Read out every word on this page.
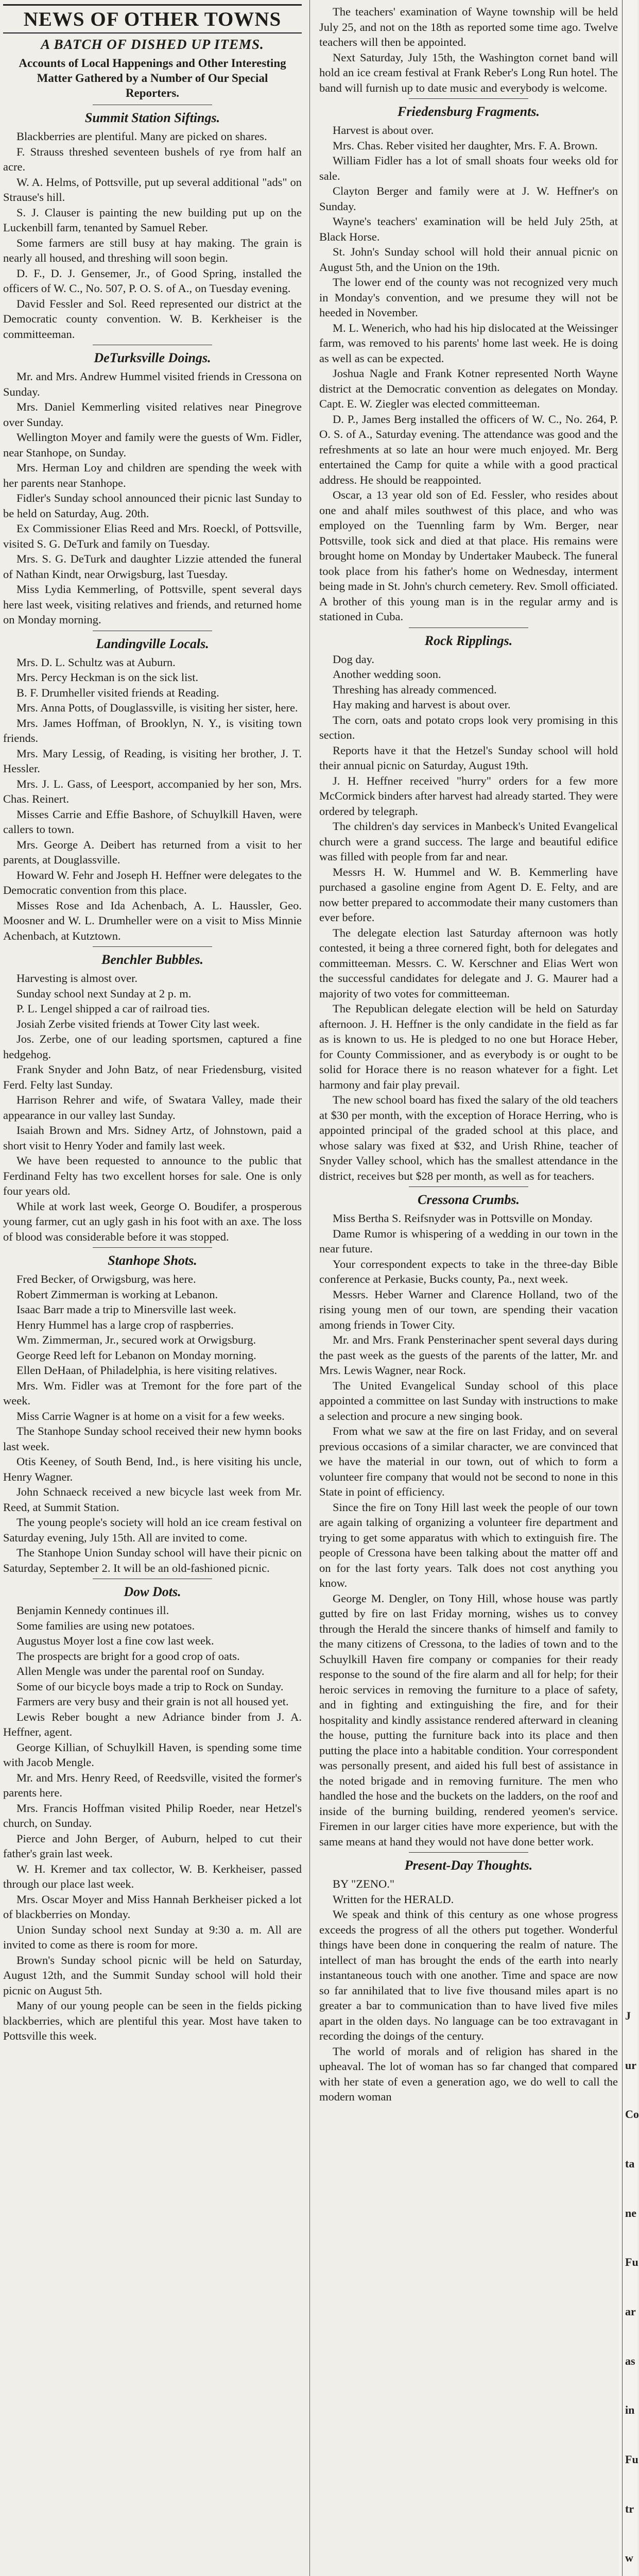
NEWS OF OTHER TOWNS
A BATCH OF DISHED UP ITEMS.
Accounts of Local Happenings and Other Interesting Matter Gathered by a Number of Our Special Reporters.
Summit Station Siftings.

Blackberries are plentiful. Many are picked on shares.

F. Strauss threshed seventeen bushels of rye from half an acre.

W. A. Helms, of Pottsville, put up several additional "ads" on Strause's hill.

S. J. Clauser is painting the new building put up on the Luckenbill farm, tenanted by Samuel Reber.

Some farmers are still busy at hay making. The grain is nearly all housed, and threshing will soon begin.

D. F., D. J. Gensemer, Jr., of Good Spring, installed the officers of W. C., No. 507, P. O. S. of A., on Tuesday evening.

David Fessler and Sol. Reed represented our district at the Democratic county convention. W. B. Kerkheiser is the committeeman.

DeTurksville Doings.

Mr. and Mrs. Andrew Hummel visited friends in Cressona on Sunday.

Mrs. Daniel Kemmerling visited relatives near Pinegrove over Sunday.

Wellington Moyer and family were the guests of Wm. Fidler, near Stanhope, on Sunday.

Mrs. Herman Loy and children are spending the week with her parents near Stanhope.

Fidler's Sunday school announced their picnic last Sunday to be held on Saturday, Aug. 20th.

Ex Commissioner Elias Reed and Mrs. Roeckl, of Pottsville, visited S. G. DeTurk and family on Tuesday.

Mrs. S. G. DeTurk and daughter Lizzie attended the funeral of Nathan Kindt, near Orwigsburg, last Tuesday.

Miss Lydia Kemmerling, of Pottsville, spent several days here last week, visiting relatives and friends, and returned home on Monday morning.

Landingville Locals.

Mrs. D. L. Schultz was at Auburn.

Mrs. Percy Heckman is on the sick list.

B. F. Drumheller visited friends at Reading.

Mrs. Anna Potts, of Douglassville, is visiting her sister, here.

Mrs. James Hoffman, of Brooklyn, N. Y., is visiting town friends.

Mrs. Mary Lessig, of Reading, is visiting her brother, J. T. Hessler.

Mrs. J. L. Gass, of Leesport, accompanied by her son, Mrs. Chas. Reinert.

Misses Carrie and Effie Bashore, of Schuylkill Haven, were callers to town.

Mrs. George A. Deibert has returned from a visit to her parents, at Douglassville.

Howard W. Fehr and Joseph H. Heffner were delegates to the Democratic convention from this place.

Misses Rose and Ida Achenbach, A. L. Haussler, Geo. Moosner and W. L. Drumheller were on a visit to Miss Minnie Achenbach, at Kutztown.

Benchler Bubbles.

Harvesting is almost over.

Sunday school next Sunday at 2 p. m.

P. L. Lengel shipped a car of railroad ties.

Josiah Zerbe visited friends at Tower City last week.

Jos. Zerbe, one of our leading sportsmen, captured a fine hedgehog.

Frank Snyder and John Batz, of near Friedensburg, visited Ferd. Felty last Sunday.

Harrison Rehrer and wife, of Swatara Valley, made their appearance in our valley last Sunday.

Isaiah Brown and Mrs. Sidney Artz, of Johnstown, paid a short visit to Henry Yoder and family last week.

We have been requested to announce to the public that Ferdinand Felty has two excellent horses for sale. One is only four years old.

While at work last week, George O. Boudifer, a prosperous young farmer, cut an ugly gash in his foot with an axe. The loss of blood was considerable before it was stopped.

Stanhope Shots.

Fred Becker, of Orwigsburg, was here.

Robert Zimmerman is working at Lebanon.

Isaac Barr made a trip to Minersville last week.

Henry Hummel has a large crop of raspberries.

Wm. Zimmerman, Jr., secured work at Orwigsburg.

George Reed left for Lebanon on Monday morning.

Ellen DeHaan, of Philadelphia, is here visiting relatives.

Mrs. Wm. Fidler was at Tremont for the fore part of the week.

Miss Carrie Wagner is at home on a visit for a few weeks.

The Stanhope Sunday school received their new hymn books last week.

Otis Keeney, of South Bend, Ind., is here visiting his uncle, Henry Wagner.

John Schnaeck received a new bicycle last week from Mr. Reed, at Summit Station.

The young people's society will hold an ice cream festival on Saturday evening, July 15th. All are invited to come.

The Stanhope Union Sunday school will have their picnic on Saturday, September 2. It will be an old-fashioned picnic.

Dow Dots.

Benjamin Kennedy continues ill.

Some families are using new potatoes.

Augustus Moyer lost a fine cow last week.

The prospects are bright for a good crop of oats.

Allen Mengle was under the parental roof on Sunday.

Some of our bicycle boys made a trip to Rock on Sunday.

Farmers are very busy and their grain is not all housed yet.

Lewis Reber bought a new Adriance binder from J. A. Heffner, agent.

George Killian, of Schuylkill Haven, is spending some time with Jacob Mengle.

Mr. and Mrs. Henry Reed, of Reedsville, visited the former's parents here.

Mrs. Francis Hoffman visited Philip Roeder, near Hetzel's church, on Sunday.

Pierce and John Berger, of Auburn, helped to cut their father's grain last week.

W. H. Kremer and tax collector, W. B. Kerkheiser, passed through our place last week.

Mrs. Oscar Moyer and Miss Hannah Berkheiser picked a lot of blackberries on Monday.

Union Sunday school next Sunday at 9:30 a. m. All are invited to come as there is room for more.

Brown's Sunday school picnic will be held on Saturday, August 12th, and the Summit Sunday school will hold their picnic on August 5th.

Many of our young people can be seen in the fields picking blackberries, which are plentiful this year. Most have taken to Pottsville this week.

The teachers' examination of Wayne township will be held July 25, and not on the 18th as reported some time ago. Twelve teachers will then be appointed.

Next Saturday, July 15th, the Washington cornet band will hold an ice cream festival at Frank Reber's Long Run hotel. The band will furnish up to date music and everybody is welcome.

Friedensburg Fragments.

Harvest is about over.

Mrs. Chas. Reber visited her daughter, Mrs. F. A. Brown.

William Fidler has a lot of small shoats four weeks old for sale.

Clayton Berger and family were at J. W. Heffner's on Sunday.

Wayne's teachers' examination will be held July 25th, at Black Horse.

St. John's Sunday school will hold their annual picnic on August 5th, and the Union on the 19th.

The lower end of the county was not recognized very much in Monday's convention, and we presume they will not be heeded in November.

M. L. Wenerich, who had his hip dislocated at the Weissinger farm, was removed to his parents' home last week. He is doing as well as can be expected.

Joshua Nagle and Frank Kotner represented North Wayne district at the Democratic convention as delegates on Monday. Capt. E. W. Ziegler was elected committeeman.

D. P., James Berg installed the officers of W. C., No. 264, P. O. S. of A., Saturday evening. The attendance was good and the refreshments at so late an hour were much enjoyed. Mr. Berg entertained the Camp for quite a while with a good practical address. He should be reappointed.

Oscar, a 13 year old son of Ed. Fessler, who resides about one and ahalf miles southwest of this place, and who was employed on the Tuennling farm by Wm. Berger, near Pottsville, took sick and died at that place. His remains were brought home on Monday by Undertaker Maubeck. The funeral took place from his father's home on Wednesday, interment being made in St. John's church cemetery. Rev. Smoll officiated. A brother of this young man is in the regular army and is stationed in Cuba.

Rock Ripplings.

Dog day.

Another wedding soon.

Threshing has already commenced.

Hay making and harvest is about over.

The corn, oats and potato crops look very promising in this section.

Reports have it that the Hetzel's Sunday school will hold their annual picnic on Saturday, August 19th.

J. H. Heffner received "hurry" orders for a few more McCormick binders after harvest had already started. They were ordered by telegraph.

The children's day services in Manbeck's United Evangelical church were a grand success. The large and beautiful edifice was filled with people from far and near.

Messrs H. W. Hummel and W. B. Kemmerling have purchased a gasoline engine from Agent D. E. Felty, and are now better prepared to accommodate their many customers than ever before.

The delegate election last Saturday afternoon was hotly contested, it being a three cornered fight, both for delegates and committeeman. Messrs. C. W. Kerschner and Elias Wert won the successful candidates for delegate and J. G. Maurer had a majority of two votes for committeeman.

The Republican delegate election will be held on Saturday afternoon. J. H. Heffner is the only candidate in the field as far as is known to us. He is pledged to no one but Horace Heber, for County Commissioner, and as everybody is or ought to be solid for Horace there is no reason whatever for a fight. Let harmony and fair play prevail.

The new school board has fixed the salary of the old teachers at $30 per month, with the exception of Horace Herring, who is appointed principal of the graded school at this place, and whose salary was fixed at $32, and Urish Rhine, teacher of Snyder Valley school, which has the smallest attendance in the district, receives but $28 per month, as well as for teachers.

Cressona Crumbs.

Miss Bertha S. Reifsnyder was in Pottsville on Monday.

Dame Rumor is whispering of a wedding in our town in the near future.

Your correspondent expects to take in the three-day Bible conference at Perkasie, Bucks county, Pa., next week.

Messrs. Heber Warner and Clarence Holland, two of the rising young men of our town, are spending their vacation among friends in Tower City.

Mr. and Mrs. Frank Pensterinacher spent several days during the past week as the guests of the parents of the latter, Mr. and Mrs. Lewis Wagner, near Rock.

The United Evangelical Sunday school of this place appointed a committee on last Sunday with instructions to make a selection and procure a new singing book.

From what we saw at the fire on last Friday, and on several previous occasions of a similar character, we are convinced that we have the material in our town, out of which to form a volunteer fire company that would not be second to none in this State in point of efficiency.

Since the fire on Tony Hill last week the people of our town are again talking of organizing a volunteer fire department and trying to get some apparatus with which to extinguish fire. The people of Cressona have been talking about the matter off and on for the last forty years. Talk does not cost anything you know.

George M. Dengler, on Tony Hill, whose house was partly gutted by fire on last Friday morning, wishes us to convey through the Herald the sincere thanks of himself and family to the many citizens of Cressona, to the ladies of town and to the Schuylkill Haven fire company or companies for their ready response to the sound of the fire alarm and all for help; for their heroic services in removing the furniture to a place of safety, and in fighting and extinguishing the fire, and for their hospitality and kindly assistance rendered afterward in cleaning the house, putting the furniture back into its place and then putting the place into a habitable condition. Your correspondent was personally present, and aided his full best of assistance in the noted brigade and in removing furniture. The men who handled the hose and the buckets on the ladders, on the roof and inside of the burning building, rendered yeomen's service. Firemen in our larger cities have more experience, but with the same means at hand they would not have done better work.

Present-Day Thoughts.

BY "ZENO."

Written for the HERALD.

We speak and think of this century as one whose progress exceeds the progress of all the others put together. Wonderful things have been done in conquering the realm of nature. The intellect of man has brought the ends of the earth into nearly instantaneous touch with one another. Time and space are now so far annihilated that to live five thousand miles apart is no greater a bar to communication than to have lived five miles apart in the olden days. No language can be too extravagant in recording the doings of the century.

The world of morals and of religion has shared in the upheaval. The lot of woman has so far changed that compared with her state of even a generation ago, we do well to call the modern woman

J
ur
Co
ta
ne
Fu
ar
as
in
Fu
tr
w
